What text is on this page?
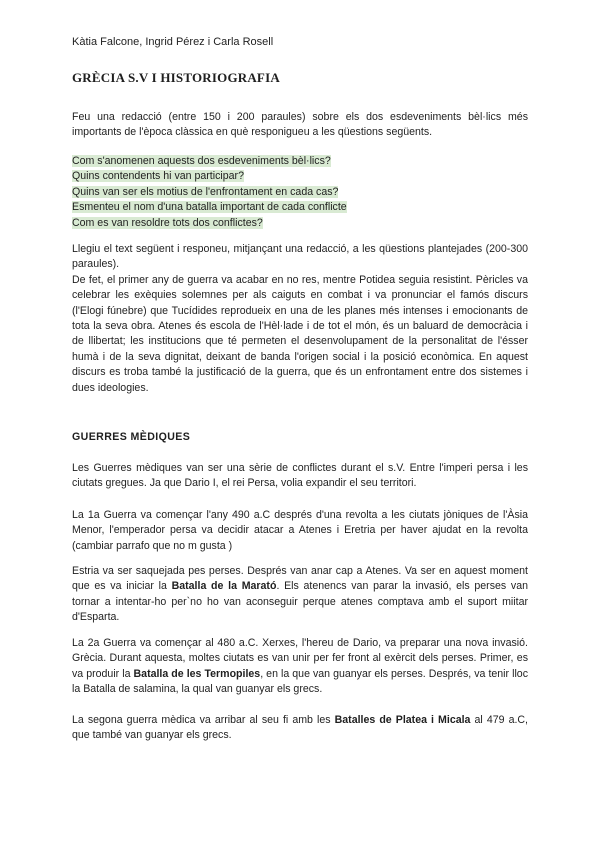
Kàtia Falcone, Ingrid Pérez i Carla Rosell
GRÈCIA S.V I HISTORIOGRAFIA

Feu una redacció (entre 150 i 200 paraules) sobre els dos esdeveniments bèl·lics més importants de l'època clàssica en què responigueu a les qüestions següents.

Com s'anomenen aquests dos esdeveniments bèl·lics?
Quins contendents hi van participar?
Quins van ser els motius de l'enfrontament en cada cas?
Esmenteu el nom d'una batalla important de cada conflicte
Com es van resoldre tots dos conflictes?

Llegiu el text següent i responeu, mitjançant una redacció, a les qüestions plantejades (200-300 paraules).

De fet, el primer any de guerra va acabar en no res, mentre Potidea seguia resistint. Pèricles va celebrar les exèquies solemnes per als caiguts en combat i va pronunciar el famós discurs (l'Elogi fúnebre) que Tucídides reprodueix en una de les planes més intenses i emocionants de tota la seva obra. Atenes és escola de l'Hèl·lade i de tot el món, és un baluard de democràcia i de llibertat; les institucions que té permeten el desenvolupament de la personalitat de l'ésser humà i de la seva dignitat, deixant de banda l'origen social i la posició econòmica. En aquest discurs es troba també la justificació de la guerra, que és un enfrontament entre dos sistemes i dues ideologies.

GUERRES MÈDIQUES

Les Guerres mèdiques van ser una sèrie de conflictes durant el s.V. Entre l'imperi persa i les ciutats gregues. Ja que Dario I, el rei Persa, volia expandir el seu territori.

La 1a Guerra va començar l'any 490 a.C després d'una revolta a les ciutats jòniques de l'Àsia Menor, l'emperador persa va decidir atacar a Atenes i Eretria per haver ajudat en la revolta (cambiar parrafo que no m gusta )

Estria va ser saquejada pes perses. Després van anar cap a Atenes. Va ser en aquest moment que es va iniciar la Batalla de la Marató. Els atenencs van parar la invasió, els perses van tornar a intentar-ho per`no ho van aconseguir perque atenes comptava amb el suport miitar d'Esparta.

La 2a Guerra va començar al 480 a.C. Xerxes, l'hereu de Dario, va preparar una nova invasió. Grècia. Durant aquesta, moltes ciutats es van unir per fer front al exèrcit dels perses. Primer, es va produir la Batalla de les Termopiles, en la que van guanyar els perses. Després, va tenir lloc la Batalla de salamina, la qual van guanyar els grecs.

La segona guerra mèdica va arribar al seu fi amb les Batalles de Platea i Micala al 479 a.C, que també van guanyar els grecs.
